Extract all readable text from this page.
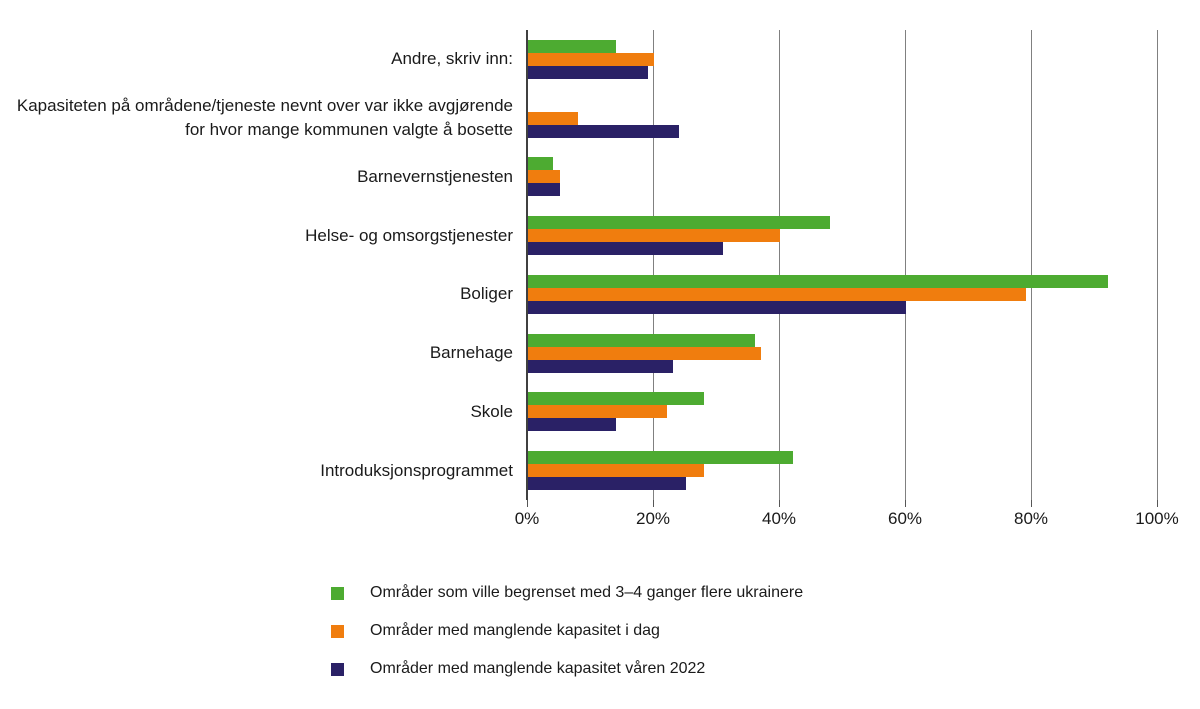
0%	20%	40%	60%	80%	100%
Andre, skriv inn:
Kapasiteten på områdene/tjeneste nevnt over var ikke avgjørende for hvor mange kommunen valgte å bosette
Barnevernstjenesten
Helse- og omsorgstjenester
Boliger
Barnehage
Skole
Introduksjonsprogrammet
Områder som ville begrenset med 3–4 ganger flere ukrainere
Områder med manglende kapasitet i dag
Områder med manglende kapasitet våren 2022
